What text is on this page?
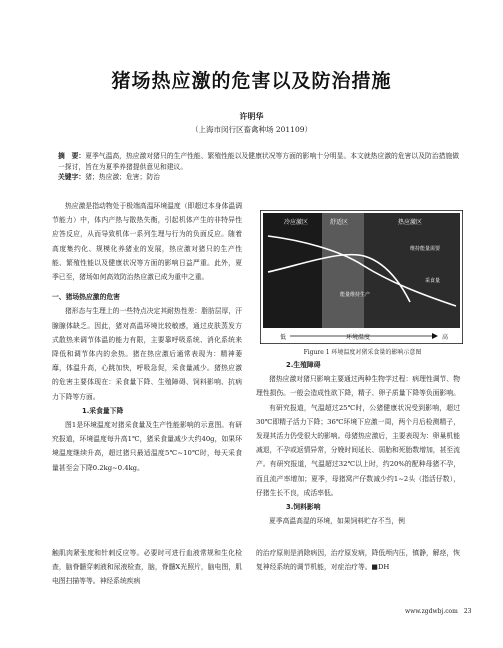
猪场热应激的危害以及防治措施
许明华
（上海市闵行区畜禽种场 201109）
摘　要：夏季气温高，热应激对猪只的生产性能、繁殖性能以及健康状况等方面的影响十分明显。本文就热应激的危害以及防治措施做一探讨，旨在为夏季养猪提供意见和建议。
关键字：猪；热应激；危害；防治

热应激是指动物处于极端高温环境温度（即超过本身体温调节能力）中，体内产热与散热失衡，引起机体产生的非特异性应答反应，从而导致机体一系列生理与行为的负面反应。随着高度集约化、规模化养猪业的发展，热应激对猪只的生产性能、繁殖性能以及健康状况等方面的影响日益严重。此外，夏季已至，猪场如何高效防治热应激已成为重中之重。

一、猪场热应激的危害

猪形态与生理上的一些特点决定其耐热性差：脂肪层厚，汗腺腺体缺乏。因此，猪对高温环境比较敏感，通过皮肤蒸发方式散热来调节体温的能力有限，主要靠呼吸系统、消化系统来降低和调节体内的余热。猪在热应激后通常表现为：精神萎靡，体温升高，心跳加快，呼吸急促，采食量减少。猪热应激的危害主要体现在：采食量下降、生殖障碍、饲料影响、抗病力下降等方面。

1.采食量下降

图1是环境温度对猪采食量及生产性能影响的示意图。有研究报道，环境温度每升高1℃，猪采食量减少大约40g，如果环境温度继续升高，超过猪只最适温度5℃~10℃时，每天采食量甚至会下降0.2kg~0.4kg。

冷应激区	舒适区	热应激区
维持能量需要
能量维持生产
采食量
低	环境温度	高
Figure 1 环境温度对猪采食量的影响示意图

2.生殖障碍

猪热应激对猪只影响主要通过两种生物学过程：病理性调节、物理性损伤。一般会造成性欲下降，精子、卵子质量下降等负面影响。

有研究报道，气温超过25℃时，公猪健康状况受到影响，超过30℃即精子活力下降；36℃环境下应激一周，两个月后检测精子，发现其活力仍受很大的影响。母猪热应激后，主要表现为：卵巢机能减退，不孕或返情异常，分娩时间延长、弱胎和死胎数增加，甚至流产。有研究报道，气温超过32℃以上时，约20%的配种母猪不孕，而且流产率增加；夏季，母猪窝产仔数减少约1~2头（指活仔数），仔猪生长不良，成活率低。

3.饲料影响

夏季高温高湿的环境，如果饲料贮存不当，例

触肌肉紧张度和针刺反应等。必要时可进行血液常规和生化检查，脑脊髓穿刺液和尿液检查，脑，脊髓X光照片，脑电图，肌电图扫描等等。神经系统疾病

的治疗原则是消除病因，治疗原发病，降低颅内压，镇静，解痉，恢复神经系统的调节机能，对症治疗等。■DH

www.zgdwbj.com 23
